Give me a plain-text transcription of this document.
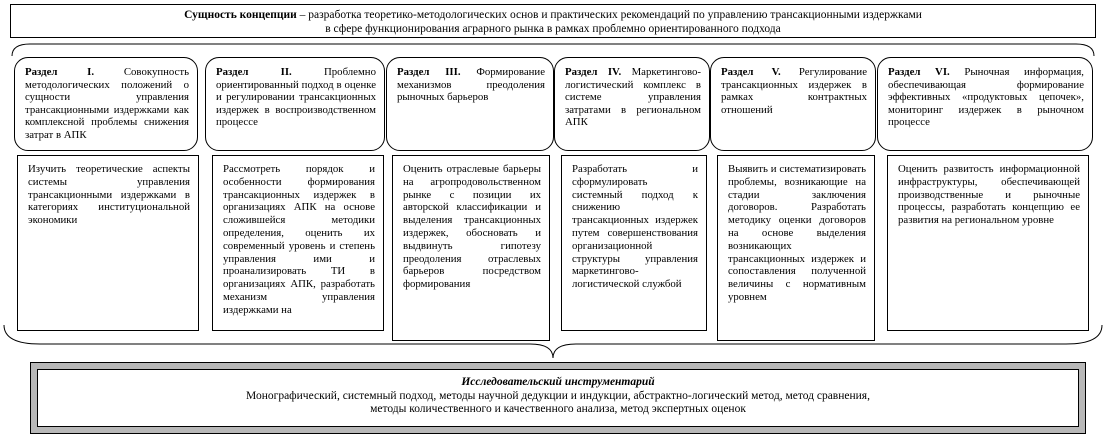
Сущность концепции – разработка теоретико-методологических основ и практических рекомендаций по управлению трансакционными издержками
в сфере функционирования аграрного рынка в рамках проблемно ориентированного подхода
Раздел I. Совокупность методологических положений о сущности управления трансакционными издержками как комплексной проблемы снижения затрат в АПК
Раздел II. Проблемно ориентированный подход в оценке и регулировании трансакционных издержек в воспроизводственном процессе
Раздел III. Формирование механизмов преодоления рыночных барьеров
Раздел IV. Маркетингово-логистический комплекс в системе управления затратами в региональном АПК
Раздел V. Регулирование трансакционных издержек в рамках контрактных отношений
Раздел VI. Рыночная информация, обеспечивающая формирование эффективных «продуктовых цепочек», мониторинг издержек в рыночном процессе
Изучить теоретические аспекты системы управления трансакционными издержками в категориях институциональной экономики
Рассмотреть порядок и особенности формирования трансакционных издержек в организациях АПК на основе сложившейся методики определения, оценить их современный уровень и степень управления ими и проанализировать ТИ в организациях АПК, разработать механизм управления издержками на
Оценить отраслевые барьеры на агропродовольственном рынке с позиции их авторской классификации и выделения трансакционных издержек, обосновать и выдвинуть гипотезу преодоления отраслевых барьеров посредством формирования
Разработать и сформулировать системный подход к снижению трансакционных издержек путем совершенствования организационной структуры управления маркетингово-логистической службой
Выявить и систематизировать проблемы, возникающие на стадии заключения договоров. Разработать методику оценки договоров на основе выделения возникающих трансакционных издержек и сопоставления полученной величины с нормативным уровнем
Оценить развитость информационной инфраструктуры, обеспечивающей производственные и рыночные процессы, разработать концепцию ее развития на региональном уровне
Исследовательский инструментарий
Монографический, системный подход, методы научной дедукции и индукции, абстрактно-логический метод, метод сравнения,
методы количественного и качественного анализа, метод экспертных оценок
